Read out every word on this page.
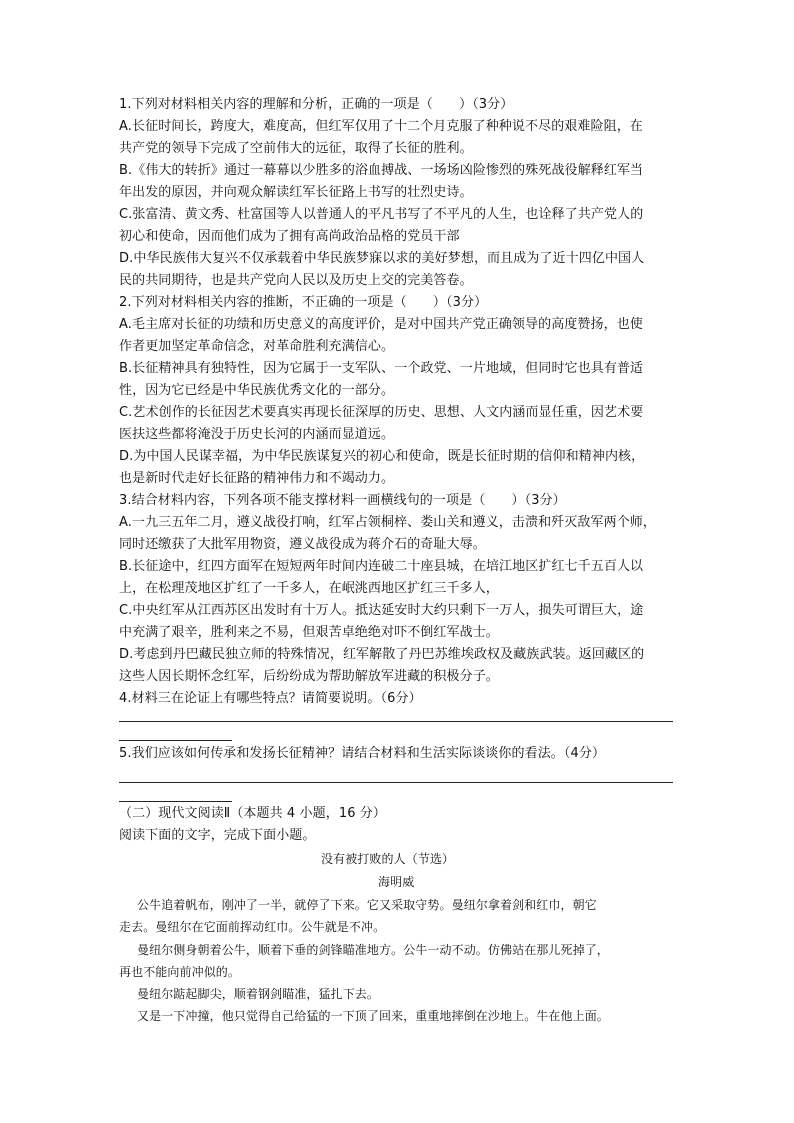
1.下列对材料相关内容的理解和分析，正确的一项是（　　）（3分）
A.长征时间长，跨度大，难度高，但红军仅用了十二个月克服了种种说不尽的艰难险阻，在
共产党的领导下完成了空前伟大的远征，取得了长征的胜利。
B.《伟大的转折》通过一幕幕以少胜多的浴血搏战、一场场凶险惨烈的殊死战役解释红军当
年出发的原因，并向观众解读红军长征路上书写的壮烈史诗。
C.张富清、黄文秀、杜富国等人以普通人的平凡书写了不平凡的人生，也诠释了共产党人的
初心和使命，因而他们成为了拥有高尚政治品格的党员干部
D.中华民族伟大复兴不仅承载着中华民族梦寐以求的美好梦想，而且成为了近十四亿中国人
民的共同期待，也是共产党向人民以及历史上交的完美答卷。
2.下列对材料相关内容的推断，不正确的一项是（　　）（3分）
A.毛主席对长征的功绩和历史意义的高度评价，是对中国共产党正确领导的高度赞扬，也使
作者更加坚定革命信念，对革命胜利充满信心。
B.长征精神具有独特性，因为它属于一支军队、一个政党、一片地域，但同时它也具有普适
性，因为它已经是中华民族优秀文化的一部分。
C.艺术创作的长征因艺术要真实再现长征深厚的历史、思想、人文内涵而显任重，因艺术要
医扶这些都将淹没于历史长河的内涵而显道远。
D.为中国人民谋幸福，为中华民族谋复兴的初心和使命，既是长征时期的信仰和精神内核，
也是新时代走好长征路的精神伟力和不竭动力。
3.结合材料内容，下列各项不能支撑材料一画横线句的一项是（　　）（3分）
A.一九三五年二月，遵义战役打响，红军占领桐梓、娄山关和遵义，击溃和歼灭敌军两个师，
同时还缴获了大批军用物资，遵义战役成为蒋介石的奇耻大辱。
B.长征途中，红四方面军在短短两年时间内连破二十座县城，在培江地区扩红七千五百人以
上，在松理茂地区扩红了一千多人，在岷洮西地区扩红三千多人，
C.中央红军从江西苏区出发时有十万人。抵达延安时大约只剩下一万人，损失可谓巨大，途
中充满了艰辛，胜利来之不易，但艰苦卓绝绝对吓不倒红军战士。
D.考虑到丹巴藏民独立师的特殊情况，红军解散了丹巴苏维埃政权及藏族武装。返回藏区的
这些人因长期怀念红军，后纷纷成为帮助解放军进藏的积极分子。
4.材料三在论证上有哪些特点？请简要说明。（6分）
5.我们应该如何传承和发扬长征精神？请结合材料和生活实际谈谈你的看法。（4分）
（二）现代文阅读Ⅱ（本题共 4 小题，16 分）
阅读下面的文字，完成下面小题。
没有被打败的人（节选）
海明威
公牛追着帆布，刚冲了一半，就停了下来。它又采取守势。曼纽尔拿着剑和红巾，朝它
走去。曼纽尔在它面前挥动红巾。公牛就是不冲。
曼纽尔侧身朝着公牛，顺着下垂的剑锋瞄准地方。公牛一动不动。仿佛站在那儿死掉了，
再也不能向前冲似的。
曼纽尔踮起脚尖，顺着钢剑瞄准，猛扎下去。
又是一下冲撞，他只觉得自己给猛的一下顶了回来，重重地摔倒在沙地上。牛在他上面。
